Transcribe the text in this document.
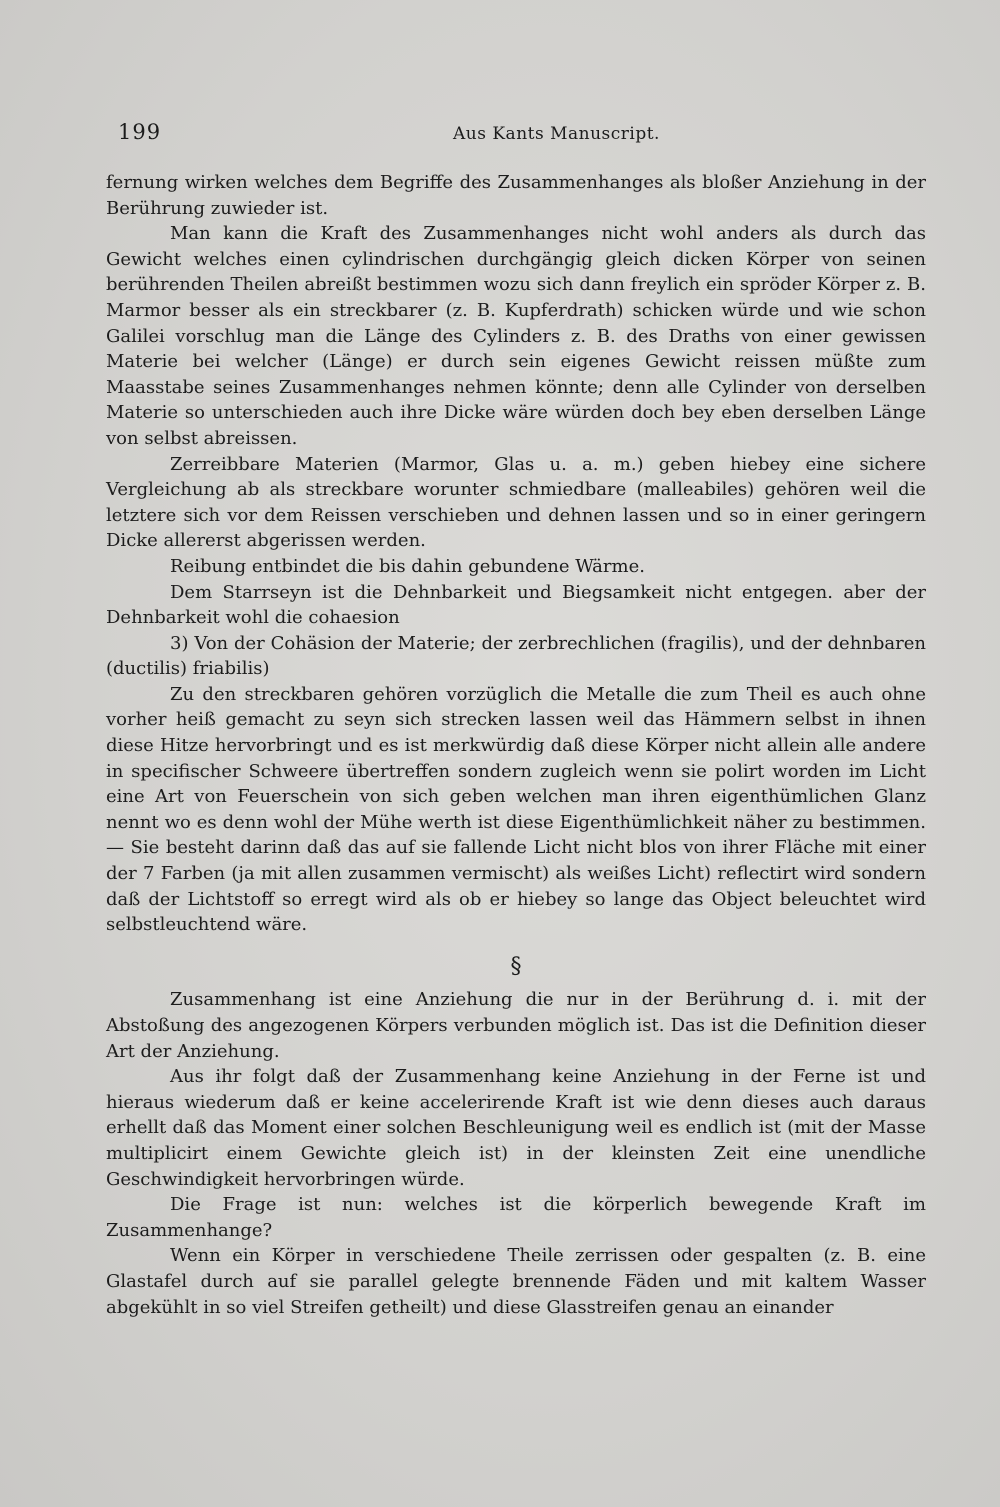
199	Aus Kants Manuscript.

fernung wirken welches dem Begriffe des Zusammenhanges als bloßer Anziehung in der Berührung zuwieder ist.

Man kann die Kraft des Zusammenhanges nicht wohl anders als durch das Gewicht welches einen cylindrischen durchgängig gleich dicken Körper von seinen berührenden Theilen abreißt bestimmen wozu sich dann freylich ein spröder Körper z. B. Marmor besser als ein streckbarer (z. B. Kupferdrath) schicken würde und wie schon Galilei vorschlug man die Länge des Cylinders z. B. des Draths von einer gewissen Materie bei welcher (Länge) er durch sein eigenes Gewicht reissen müßte zum Maasstabe seines Zusammenhanges nehmen könnte; denn alle Cylinder von derselben Materie so unterschieden auch ihre Dicke wäre würden doch bey eben derselben Länge von selbst abreissen.

Zerreibbare Materien (Marmor, Glas u. a. m.) geben hiebey eine sichere Vergleichung ab als streckbare worunter schmiedbare (malleabiles) gehören weil die letztere sich vor dem Reissen verschieben und dehnen lassen und so in einer geringern Dicke allererst abgerissen werden.

Reibung entbindet die bis dahin gebundene Wärme.

Dem Starrseyn ist die Dehnbarkeit und Biegsamkeit nicht entgegen. aber der Dehnbarkeit wohl die cohaesion

3) Von der Cohäsion der Materie; der zerbrechlichen (fragilis), und der dehnbaren (ductilis) friabilis)

Zu den streckbaren gehören vorzüglich die Metalle die zum Theil es auch ohne vorher heiß gemacht zu seyn sich strecken lassen weil das Hämmern selbst in ihnen diese Hitze hervorbringt und es ist merkwürdig daß diese Körper nicht allein alle andere in specifischer Schweere übertreffen sondern zugleich wenn sie polirt worden im Licht eine Art von Feuerschein von sich geben welchen man ihren eigenthümlichen Glanz nennt wo es denn wohl der Mühe werth ist diese Eigenthümlichkeit näher zu bestimmen. — Sie besteht darinn daß das auf sie fallende Licht nicht blos von ihrer Fläche mit einer der 7 Farben (ja mit allen zusammen vermischt) als weißes Licht) reflectirt wird sondern daß der Lichtstoff so erregt wird als ob er hiebey so lange das Object beleuchtet wird selbstleuchtend wäre.

§

Zusammenhang ist eine Anziehung die nur in der Berührung d. i. mit der Abstoßung des angezogenen Körpers verbunden möglich ist. Das ist die Definition dieser Art der Anziehung.

Aus ihr folgt daß der Zusammenhang keine Anziehung in der Ferne ist und hieraus wiederum daß er keine accelerirende Kraft ist wie denn dieses auch daraus erhellt daß das Moment einer solchen Beschleunigung weil es endlich ist (mit der Masse multiplicirt einem Gewichte gleich ist) in der kleinsten Zeit eine unendliche Geschwindigkeit hervorbringen würde.

Die Frage ist nun: welches ist die körperlich bewegende Kraft im Zusammenhange?

Wenn ein Körper in verschiedene Theile zerrissen oder gespalten (z. B. eine Glastafel durch auf sie parallel gelegte brennende Fäden und mit kaltem Wasser abgekühlt in so viel Streifen getheilt) und diese Glasstreifen genau an einander
